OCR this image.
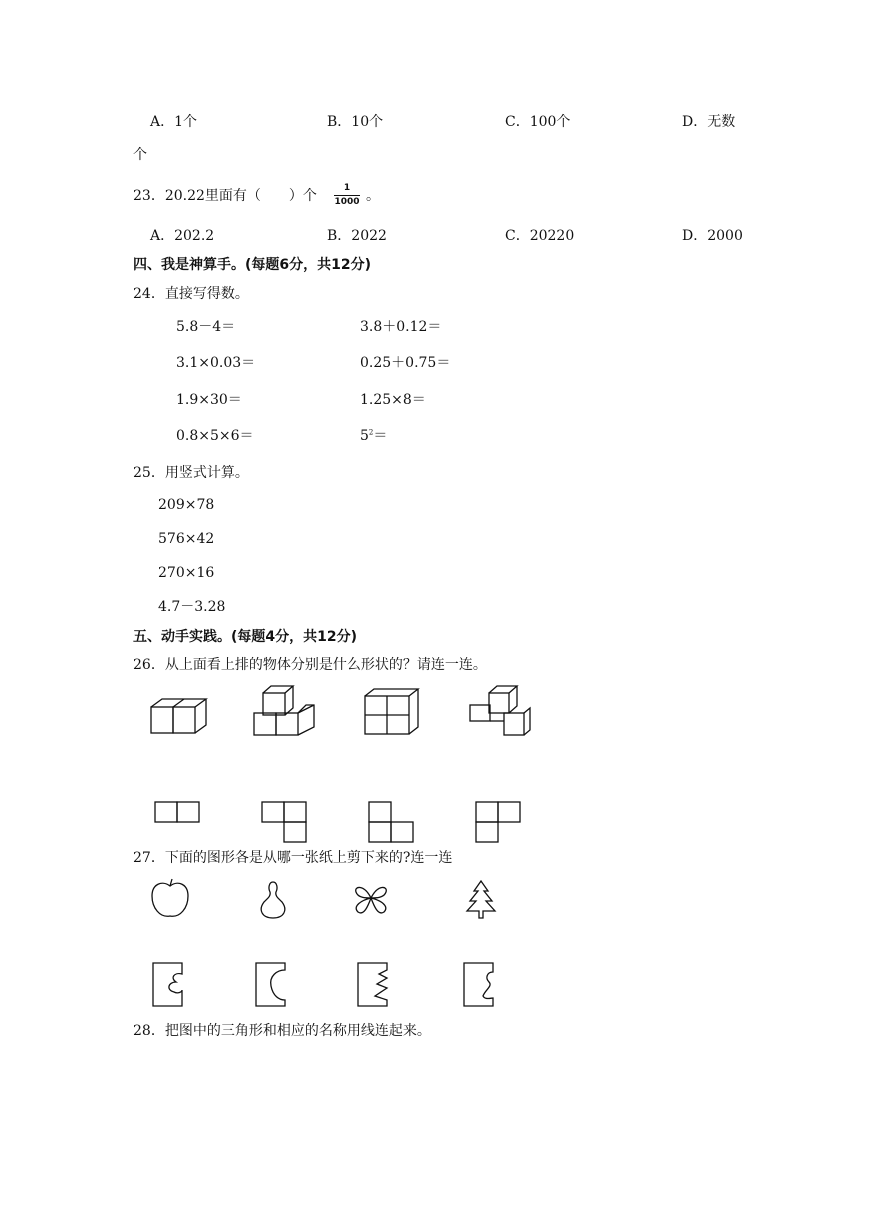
A．1个	B．10个	C．100个	D．无数
个
23．20.22里面有（　　）个	1
1000 。
A．202.2	B．2022	C．20220	D．2000
四、我是神算手。(每题6分，共12分)
24．直接写得数。
5.8－4＝	3.8＋0.12＝
3.1×0.03＝	0.25＋0.75＝
1.9×30＝	1.25×8＝
0.8×5×6＝	$5^2=$
25．用竖式计算。
209×78
576×42
270×16
4.7－3.28
五、动手实践。(每题4分，共12分)
26．从上面看上排的物体分别是什么形状的？请连一连。
27．下面的图形各是从哪一张纸上剪下来的?连一连
28．把图中的三角形和相应的名称用线连起来。
